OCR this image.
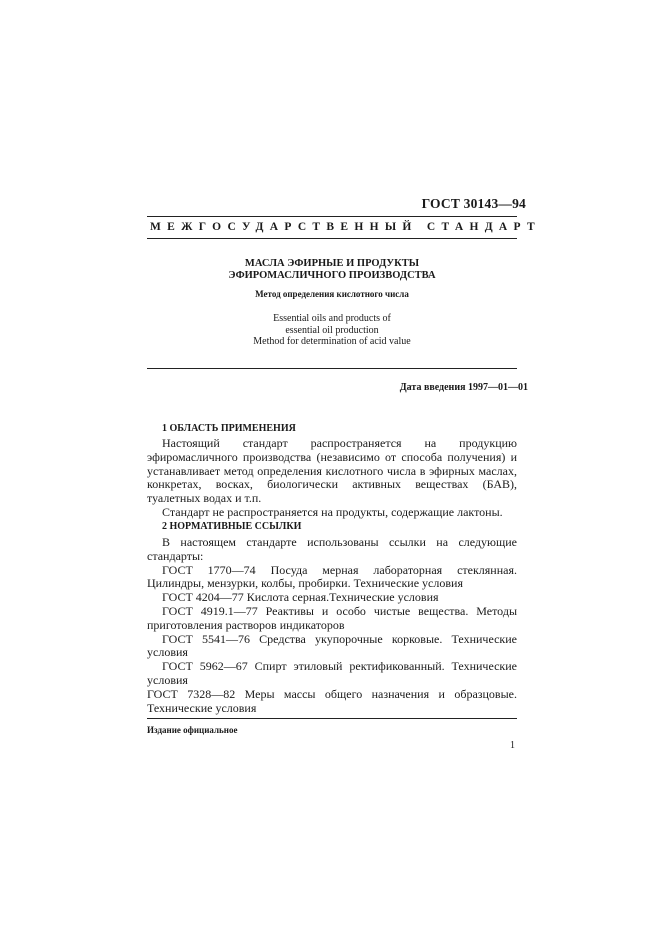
ГОСТ 30143—94
МЕЖГОСУДАРСТВЕННЫЙ СТАНДАРТ
МАСЛА ЭФИРНЫЕ И ПРОДУКТЫ
ЭФИРОМАСЛИЧНОГО ПРОИЗВОДСТВА
Метод определения кислотного числа
Essential oils and products of
essential oil production
Method for determination of acid value
Дата введения 1997—01—01
1 ОБЛАСТЬ ПРИМЕНЕНИЯ

Настоящий стандарт распространяется на продукцию эфиромасличного производства (независимо от способа получения) и устанавливает метод определения кислотного числа в эфирных маслах, конкретах, восках, биологически активных веществах (БАВ), туалетных водах и т.п.

Стандарт не распространяется на продукты, содержащие лактоны.

2 НОРМАТИВНЫЕ ССЫЛКИ

В настоящем стандарте использованы ссылки на следующие стандарты:

ГОСТ 1770—74 Посуда мерная лабораторная стеклянная. Цилиндры, мензурки, колбы, пробирки. Технические условия

ГОСТ 4204—77 Кислота серная.Технические условия

ГОСТ 4919.1—77 Реактивы и особо чистые вещества. Методы приготовления растворов индикаторов

ГОСТ 5541—76 Средства укупорочные корковые. Технические условия

ГОСТ 5962—67 Спирт этиловый ректификованный. Технические условия

ГОСТ 7328—82 Меры массы общего назначения и образцовые. Технические условия

Издание официальное
1
